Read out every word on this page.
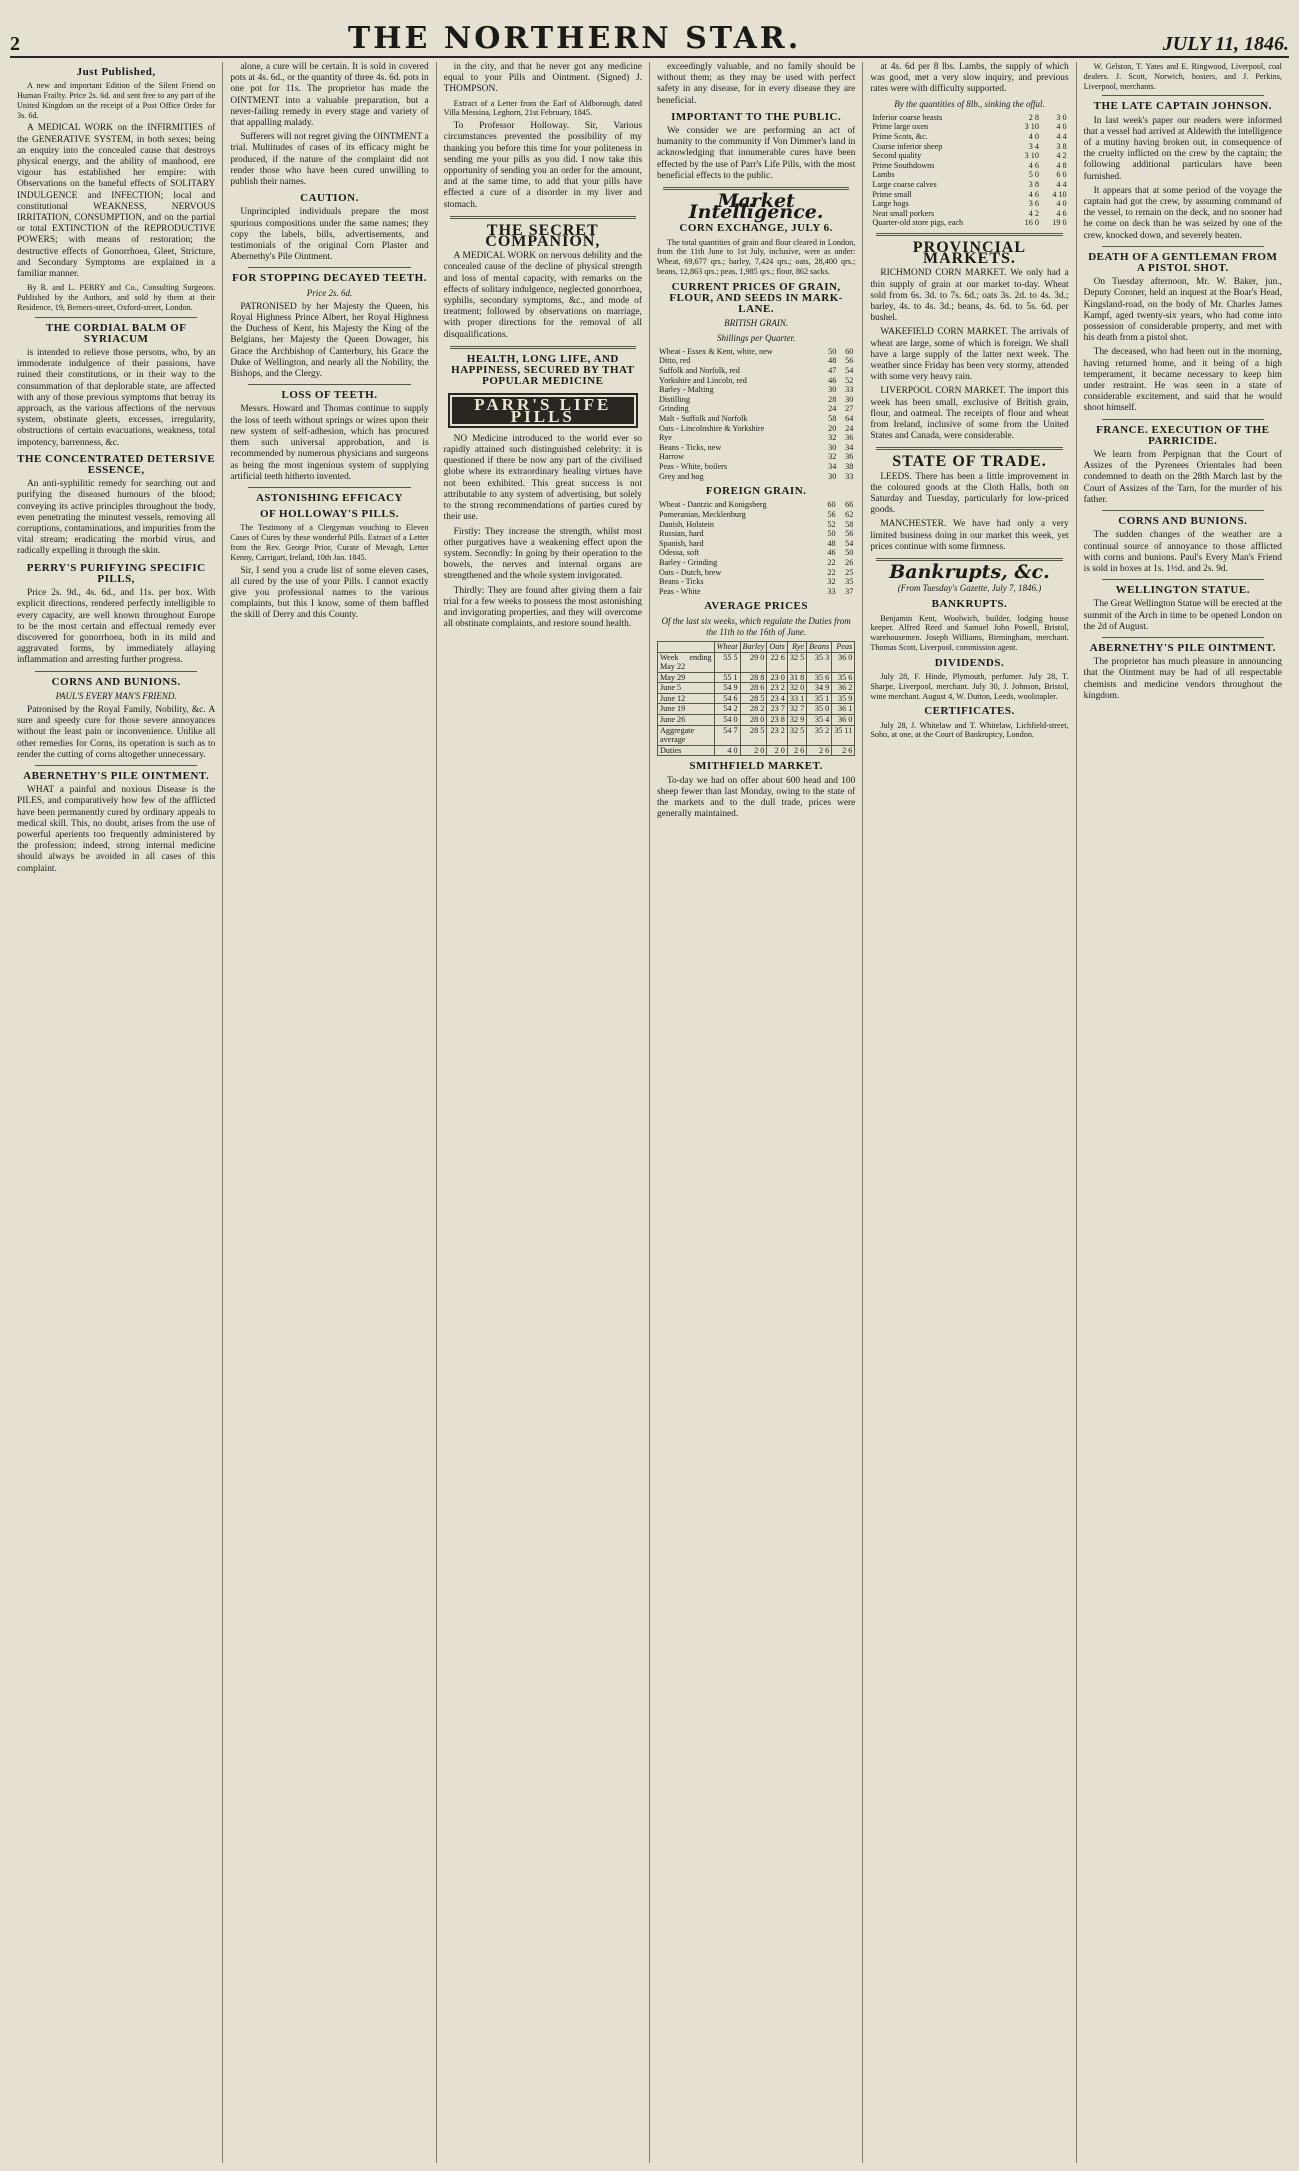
2	THE NORTHERN STAR.	JULY 11, 1846.
Just Published,

A new and important Edition of the Silent Friend on Human Frailty. Price 2s. 6d. and sent free to any part of the United Kingdom on the receipt of a Post Office Order for 3s. 6d.

A MEDICAL WORK on the INFIRMITIES of the GENERATIVE SYSTEM, in both sexes; being an enquiry into the concealed cause that destroys physical energy, and the ability of manhood, ere vigour has established her empire: with Observations on the baneful effects of SOLITARY INDULGENCE and INFECTION; local and constitutional WEAKNESS, NERVOUS IRRITATION, CONSUMPTION, and on the partial or total EXTINCTION of the REPRODUCTIVE POWERS; with means of restoration; the destructive effects of Gonorrhoea, Gleet, Stricture, and Secondary Symptoms are explained in a familiar manner.

By R. and L. PERRY and Co., Consulting Surgeons. Published by the Authors, and sold by them at their Residence, 19, Berners-street, Oxford-street, London.

THE CORDIAL BALM OF SYRIACUM

is intended to relieve those persons, who, by an immoderate indulgence of their passions, have ruined their constitutions, or in their way to the consummation of that deplorable state, are affected with any of those previous symptoms that betray its approach, as the various affections of the nervous system, obstinate gleets, excesses, irregularity, obstructions of certain evacuations, weakness, total impotency, barrenness, &c.

THE CONCENTRATED DETERSIVE ESSENCE,

An anti-syphilitic remedy for searching out and purifying the diseased humours of the blood; conveying its active principles throughout the body, even penetrating the minutest vessels, removing all corruptions, contaminations, and impurities from the vital stream; eradicating the morbid virus, and radically expelling it through the skin.

PERRY'S PURIFYING SPECIFIC PILLS,

Price 2s. 9d., 4s. 6d., and 11s. per box. With explicit directions, rendered perfectly intelligible to every capacity, are well known throughout Europe to be the most certain and effectual remedy ever discovered for gonorrhoea, both in its mild and aggravated forms, by immediately allaying inflammation and arresting further progress.

CORNS AND BUNIONS.
PAUL'S EVERY MAN'S FRIEND.

Patronised by the Royal Family, Nobility, &c. A sure and speedy cure for those severe annoyances without the least pain or inconvenience. Unlike all other remedies for Corns, its operation is such as to render the cutting of corns altogether unnecessary.

ABERNETHY'S PILE OINTMENT.

WHAT a painful and noxious Disease is the PILES, and comparatively how few of the afflicted have been permanently cured by ordinary appeals to medical skill. This, no doubt, arises from the use of powerful aperients too frequently administered by the profession; indeed, strong internal medicine should always be avoided in all cases of this complaint.

alone, a cure will be certain. It is sold in covered pots at 4s. 6d., or the quantity of three 4s. 6d. pots in one pot for 11s. The proprietor has made the OINTMENT into a valuable preparation, but a never-failing remedy in every stage and variety of that appalling malady.

Sufferers will not regret giving the OINTMENT a trial. Multitudes of cases of its efficacy might be produced, if the nature of the complaint did not render those who have been cured unwilling to publish their names.

CAUTION.

Unprincipled individuals prepare the most spurious compositions under the same names; they copy the labels, bills, advertisements, and testimonials of the original Corn Plaster and Abernethy's Pile Ointment.

FOR STOPPING DECAYED TEETH.
Price 2s. 6d.

PATRONISED by her Majesty the Queen, his Royal Highness Prince Albert, her Royal Highness the Duchess of Kent, his Majesty the King of the Belgians, her Majesty the Queen Dowager, his Grace the Archbishop of Canterbury, his Grace the Duke of Wellington, and nearly all the Nobility, the Bishops, and the Clergy.

LOSS OF TEETH.

Messrs. Howard and Thomas continue to supply the loss of teeth without springs or wires upon their new system of self-adhesion, which has procured them such universal approbation, and is recommended by numerous physicians and surgeons as being the most ingenious system of supplying artificial teeth hitherto invented.

ASTONISHING EFFICACY
OF HOLLOWAY'S PILLS.

The Testimony of a Clergyman vouching to Eleven Cases of Cures by these wonderful Pills. Extract of a Letter from the Rev. George Prior, Curate of Mevagh, Letter Kenny, Carrigart, Ireland, 10th Jan. 1845.

Sir, I send you a crude list of some eleven cases, all cured by the use of your Pills. I cannot exactly give you professional names to the various complaints, but this I know, some of them baffled the skill of Derry and this County.

in the city, and that he never got any medicine equal to your Pills and Ointment. (Signed) J. THOMPSON.

Extract of a Letter from the Earl of Aldborough, dated Villa Messina, Leghorn, 21st February, 1845.

To Professor Holloway. Sir, Various circumstances prevented the possibility of my thanking you before this time for your politeness in sending me your pills as you did. I now take this opportunity of sending you an order for the amount, and at the same time, to add that your pills have effected a cure of a disorder in my liver and stomach.

THE SECRET COMPANION,

A MEDICAL WORK on nervous debility and the concealed cause of the decline of physical strength and loss of mental capacity, with remarks on the effects of solitary indulgence, neglected gonorrhoea, syphilis, secondary symptoms, &c., and mode of treatment; followed by observations on marriage, with proper directions for the removal of all disqualifications.

HEALTH, LONG LIFE, AND HAPPINESS, SECURED BY THAT POPULAR MEDICINE
PARR'S LIFE PILLS

NO Medicine introduced to the world ever so rapidly attained such distinguished celebrity: it is questioned if there be now any part of the civilised globe where its extraordinary healing virtues have not been exhibited. This great success is not attributable to any system of advertising, but solely to the strong recommendations of parties cured by their use.

Firstly: They increase the strength, whilst most other purgatives have a weakening effect upon the system. Secondly: In going by their operation to the bowels, the nerves and internal organs are strengthened and the whole system invigorated.

Thirdly: They are found after giving them a fair trial for a few weeks to possess the most astonishing and invigorating properties, and they will overcome all obstinate complaints, and restore sound health.

exceedingly valuable, and no family should be without them; as they may be used with perfect safety in any disease, for in every disease they are beneficial.

IMPORTANT TO THE PUBLIC.

We consider we are performing an act of humanity to the community if Von Dimmer's land in acknowledging that innumerable cures have been effected by the use of Parr's Life Pills, with the most beneficial effects to the public.

Market Intelligence.
CORN EXCHANGE, JULY 6.

The total quantities of grain and flour cleared in London, from the 11th June to 1st July, inclusive, were as under: Wheat, 69,677 qrs.; barley, 7,424 qrs.; oats, 28,400 qrs.; beans, 12,863 qrs.; peas, 1,985 qrs.; flour, 862 sacks.

CURRENT PRICES OF GRAIN, FLOUR, AND SEEDS IN MARK-LANE.
BRITISH GRAIN.
Shillings per Quarter.
Wheat - Essex & Kent, white, new	50	60
Ditto, red	48	56
Suffolk and Norfolk, red	47	54
Yorkshire and Lincoln, red	46	52
Barley - Malting	30	33
Distilling	28	30
Grinding	24	27
Malt - Suffolk and Norfolk	58	64
Oats - Lincolnshire & Yorkshire	20	24
Rye	32	36
Beans - Ticks, new	30	34
Harrow	32	36
Peas - White, boilers	34	38
Grey and hog	30	33
FOREIGN GRAIN.
Wheat - Dantzic and Konigsberg	60	66
Pomeranian, Mecklenburg	56	62
Danish, Holstein	52	58
Russian, hard	50	56
Spanish, hard	48	54
Odessa, soft	46	50
Barley - Grinding	22	26
Oats - Dutch, brew	22	25
Beans - Ticks	32	35
Peas - White	33	37
AVERAGE PRICES
Of the last six weeks, which regulate the Duties from the 11th to the 16th of June.
	Wheat	Barley	Oats	Rye	Beans	Peas
Week ending May 22	55 5	29 0	22 6	32 5	35 3	36 0
May 29	55 1	28 8	23 0	31 8	35 6	35 6
June 5	54 9	28 6	23 2	32 0	34 9	36 2
June 12	54 6	28 5	23 4	33 1	35 1	35 9
June 19	54 2	28 2	23 7	32 7	35 0	36 1
June 26	54 0	28 0	23 8	32 9	35 4	36 0
Aggregate average	54 7	28 5	23 2	32 5	35 2	35 11
Duties	4 0	2 0	2 0	2 6	2 6	2 6
SMITHFIELD MARKET.

To-day we had on offer about 600 head and 100 sheep fewer than last Monday, owing to the state of the markets and to the dull trade, prices were generally maintained.

at 4s. 6d per 8 lbs. Lambs, the supply of which was good, met a very slow inquiry, and previous rates were with difficulty supported.

By the quantities of 8lb., sinking the offal.
Inferior coarse beasts	2 8	3 0
Prime large oxen	3 10	4 0
Prime Scots, &c.	4 0	4 4
Coarse inferior sheep	3 4	3 8
Second quality	3 10	4 2
Prime Southdowns	4 6	4 8
Lambs	5 0	6 0
Large coarse calves	3 8	4 4
Prime small	4 6	4 10
Large hogs	3 6	4 0
Neat small porkers	4 2	4 6
Quarter-old store pigs, each	16 0	19 0
PROVINCIAL MARKETS.

RICHMOND CORN MARKET. We only had a thin supply of grain at our market to-day. Wheat sold from 6s. 3d. to 7s. 6d.; oats 3s. 2d. to 4s. 3d.; barley, 4s. to 4s. 3d.; beans, 4s. 6d. to 5s. 6d. per bushel.

WAKEFIELD CORN MARKET. The arrivals of wheat are large, some of which is foreign. We shall have a large supply of the latter next week. The weather since Friday has been very stormy, attended with some very heavy rain.

LIVERPOOL CORN MARKET. The import this week has been small, exclusive of British grain, flour, and oatmeal. The receipts of flour and wheat from Ireland, inclusive of some from the United States and Canada, were considerable.

STATE OF TRADE.

LEEDS. There has been a little improvement in the coloured goods at the Cloth Halls, both on Saturday and Tuesday, particularly for low-priced goods.

MANCHESTER. We have had only a very limited business doing in our market this week, yet prices continue with some firmness.

Bankrupts, &c.
(From Tuesday's Gazette, July 7, 1846.)
BANKRUPTS.

Benjamin Kent, Woolwich, builder, lodging house keeper. Alfred Reed and Samuel John Powell, Bristol, warehousemen. Joseph Williams, Birmingham, merchant. Thomas Scott, Liverpool, commission agent.

DIVIDENDS.

July 28, F. Hinde, Plymouth, perfumer. July 28, T. Sharpe, Liverpool, merchant. July 30, J. Johnson, Bristol, wine merchant. August 4, W. Dutton, Leeds, woolstapler.

CERTIFICATES.

July 28, J. Whitelaw and T. Whitelaw, Lichfield-street, Soho, at one, at the Court of Bankruptcy, London.

W. Gelston, T. Yates and E. Ringwood, Liverpool, coal dealers. J. Scott, Norwich, hosiers, and J. Perkins, Liverpool, merchants.

THE LATE CAPTAIN JOHNSON.

In last week's paper our readers were informed that a vessel had arrived at Aldewith the intelligence of a mutiny having broken out, in consequence of the cruelty inflicted on the crew by the captain; the following additional particulars have been furnished.

It appears that at some period of the voyage the captain had got the crew, by assuming command of the vessel, to remain on the deck, and no sooner had he come on deck than he was seized by one of the crew, knocked down, and severely beaten.

DEATH OF A GENTLEMAN FROM A PISTOL SHOT.

On Tuesday afternoon, Mr. W. Baker, jun., Deputy Coroner, held an inquest at the Boar's Head, Kingsland-road, on the body of Mr. Charles James Kampf, aged twenty-six years, who had come into possession of considerable property, and met with his death from a pistol shot.

The deceased, who had been out in the morning, having returned home, and it being of a high temperament, it became necessary to keep him under restraint. He was seen in a state of considerable excitement, and said that he would shoot himself.

FRANCE. EXECUTION OF THE PARRICIDE.

We learn from Perpignan that the Court of Assizes of the Pyrenees Orientales had been condemned to death on the 28th March last by the Court of Assizes of the Tarn, for the murder of his father.

CORNS AND BUNIONS.

The sudden changes of the weather are a continual source of annoyance to those afflicted with corns and bunions. Paul's Every Man's Friend is sold in boxes at 1s. 1½d. and 2s. 9d.

WELLINGTON STATUE.

The Great Wellington Statue will be erected at the summit of the Arch in time to be opened London on the 2d of August.

ABERNETHY'S PILE OINTMENT.

The proprietor has much pleasure in announcing that the Ointment may be had of all respectable chemists and medicine vendors throughout the kingdom.
